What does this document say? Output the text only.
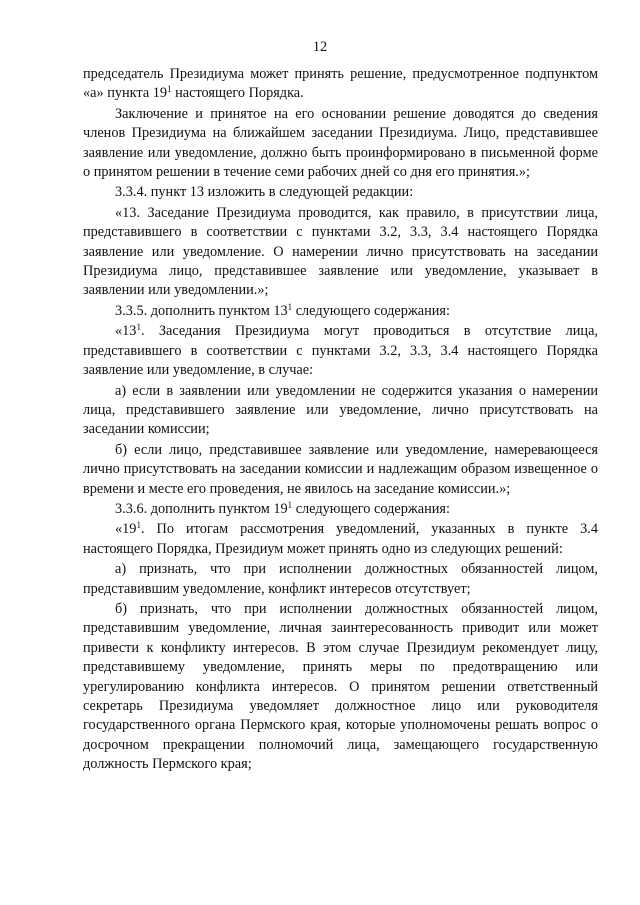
12

председатель Президиума может принять решение, предусмотренное подпунктом «а» пункта $19^1$ настоящего Порядка.

Заключение и принятое на его основании решение доводятся до сведения членов Президиума на ближайшем заседании Президиума. Лицо, представившее заявление или уведомление, должно быть проинформировано в письменной форме о принятом решении в течение семи рабочих дней со дня его принятия.»;

3.3.4. пункт 13 изложить в следующей редакции:

«13. Заседание Президиума проводится, как правило, в присутствии лица, представившего в соответствии с пунктами 3.2, 3.3, 3.4 настоящего Порядка заявление или уведомление. О намерении лично присутствовать на заседании Президиума лицо, представившее заявление или уведомление, указывает в заявлении или уведомлении.»;

3.3.5. дополнить пунктом $13^1$ следующего содержания:

«$13^1$. Заседания Президиума могут проводиться в отсутствие лица, представившего в соответствии с пунктами 3.2, 3.3, 3.4 настоящего Порядка заявление или уведомление, в случае:

а) если в заявлении или уведомлении не содержится указания о намерении лица, представившего заявление или уведомление, лично присутствовать на заседании комиссии;

б) если лицо, представившее заявление или уведомление, намеревающееся лично присутствовать на заседании комиссии и надлежащим образом извещенное о времени и месте его проведения, не явилось на заседание комиссии.»;

3.3.6. дополнить пунктом $19^1$ следующего содержания:

«$19^1$. По итогам рассмотрения уведомлений, указанных в пункте 3.4 настоящего Порядка, Президиум может принять одно из следующих решений:

а) признать, что при исполнении должностных обязанностей лицом, представившим уведомление, конфликт интересов отсутствует;

б) признать, что при исполнении должностных обязанностей лицом, представившим уведомление, личная заинтересованность приводит или может привести к конфликту интересов. В этом случае Президиум рекомендует лицу, представившему уведомление, принять меры по предотвращению или урегулированию конфликта интересов. О принятом решении ответственный секретарь Президиума уведомляет должностное лицо или руководителя государственного органа Пермского края, которые уполномочены решать вопрос о досрочном прекращении полномочий лица, замещающего государственную должность Пермского края;
